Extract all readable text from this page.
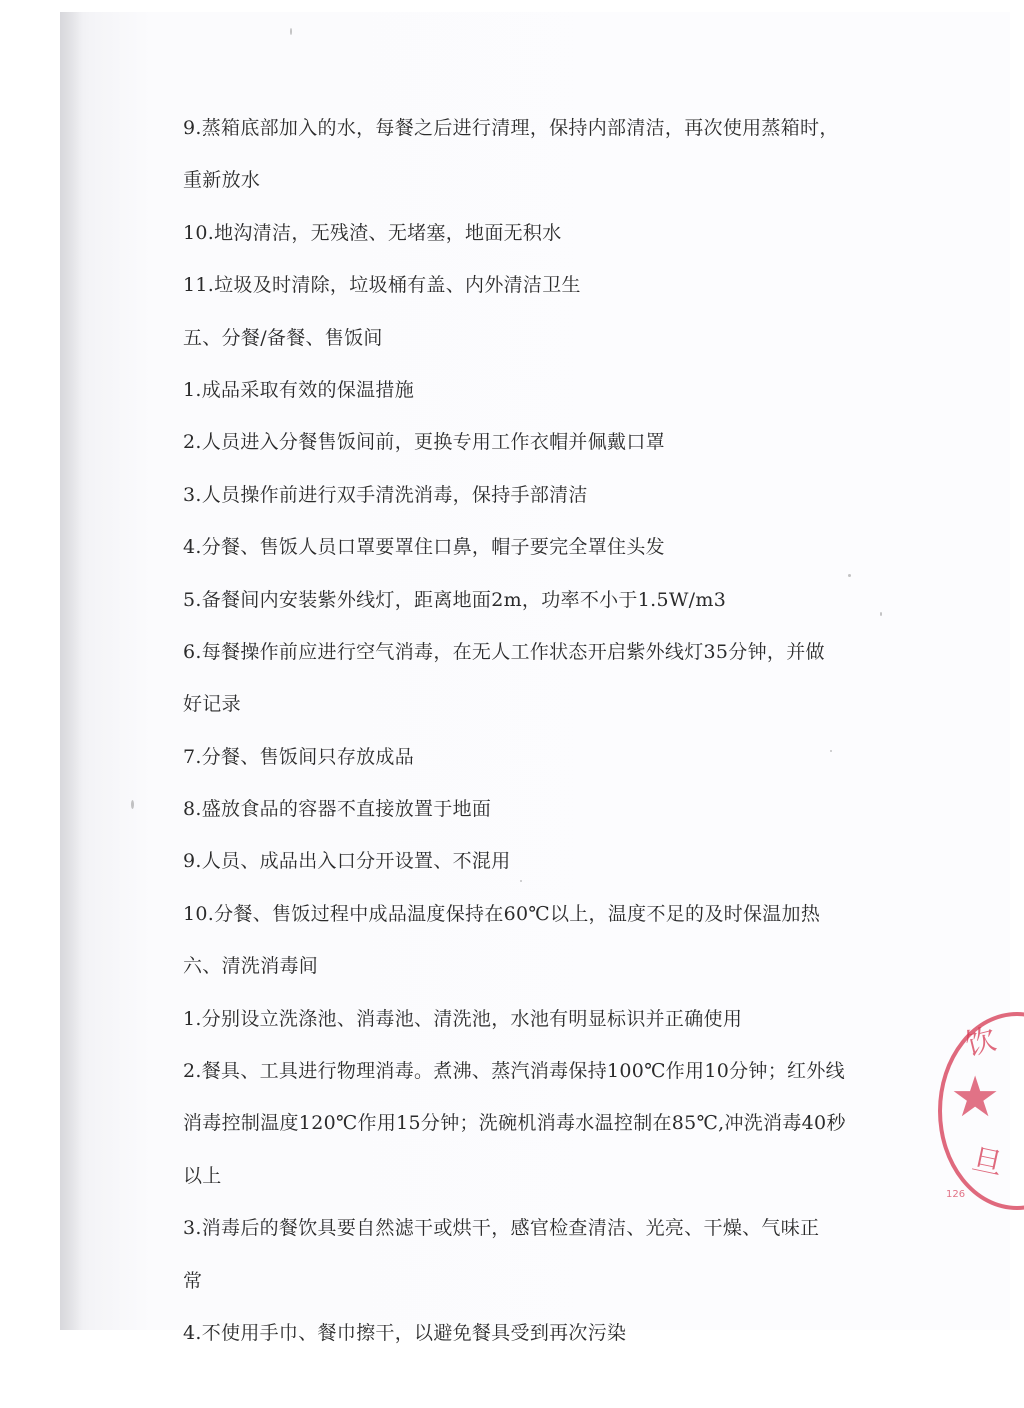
9.蒸箱底部加入的水，每餐之后进行清理，保持内部清洁，再次使用蒸箱时，
重新放水
10.地沟清洁，无残渣、无堵塞，地面无积水
11.垃圾及时清除，垃圾桶有盖、内外清洁卫生
五、分餐/备餐、售饭间
1.成品采取有效的保温措施
2.人员进入分餐售饭间前，更换专用工作衣帽并佩戴口罩
3.人员操作前进行双手清洗消毒，保持手部清洁
4.分餐、售饭人员口罩要罩住口鼻，帽子要完全罩住头发
5.备餐间内安装紫外线灯，距离地面2m，功率不小于1.5W/m3
6.每餐操作前应进行空气消毒，在无人工作状态开启紫外线灯35分钟，并做
好记录
7.分餐、售饭间只存放成品
8.盛放食品的容器不直接放置于地面
9.人员、成品出入口分开设置、不混用
10.分餐、售饭过程中成品温度保持在60℃以上，温度不足的及时保温加热
六、清洗消毒间
1.分别设立洗涤池、消毒池、清洗池，水池有明显标识并正确使用
2.餐具、工具进行物理消毒。煮沸、蒸汽消毒保持100℃作用10分钟；红外线
消毒控制温度120℃作用15分钟；洗碗机消毒水温控制在85℃,冲洗消毒40秒
以上
3.消毒后的餐饮具要自然滤干或烘干，感官检查清洁、光亮、干燥、气味正
常
4.不使用手巾、餐巾擦干，以避免餐具受到再次污染
★
饮
旦
126
